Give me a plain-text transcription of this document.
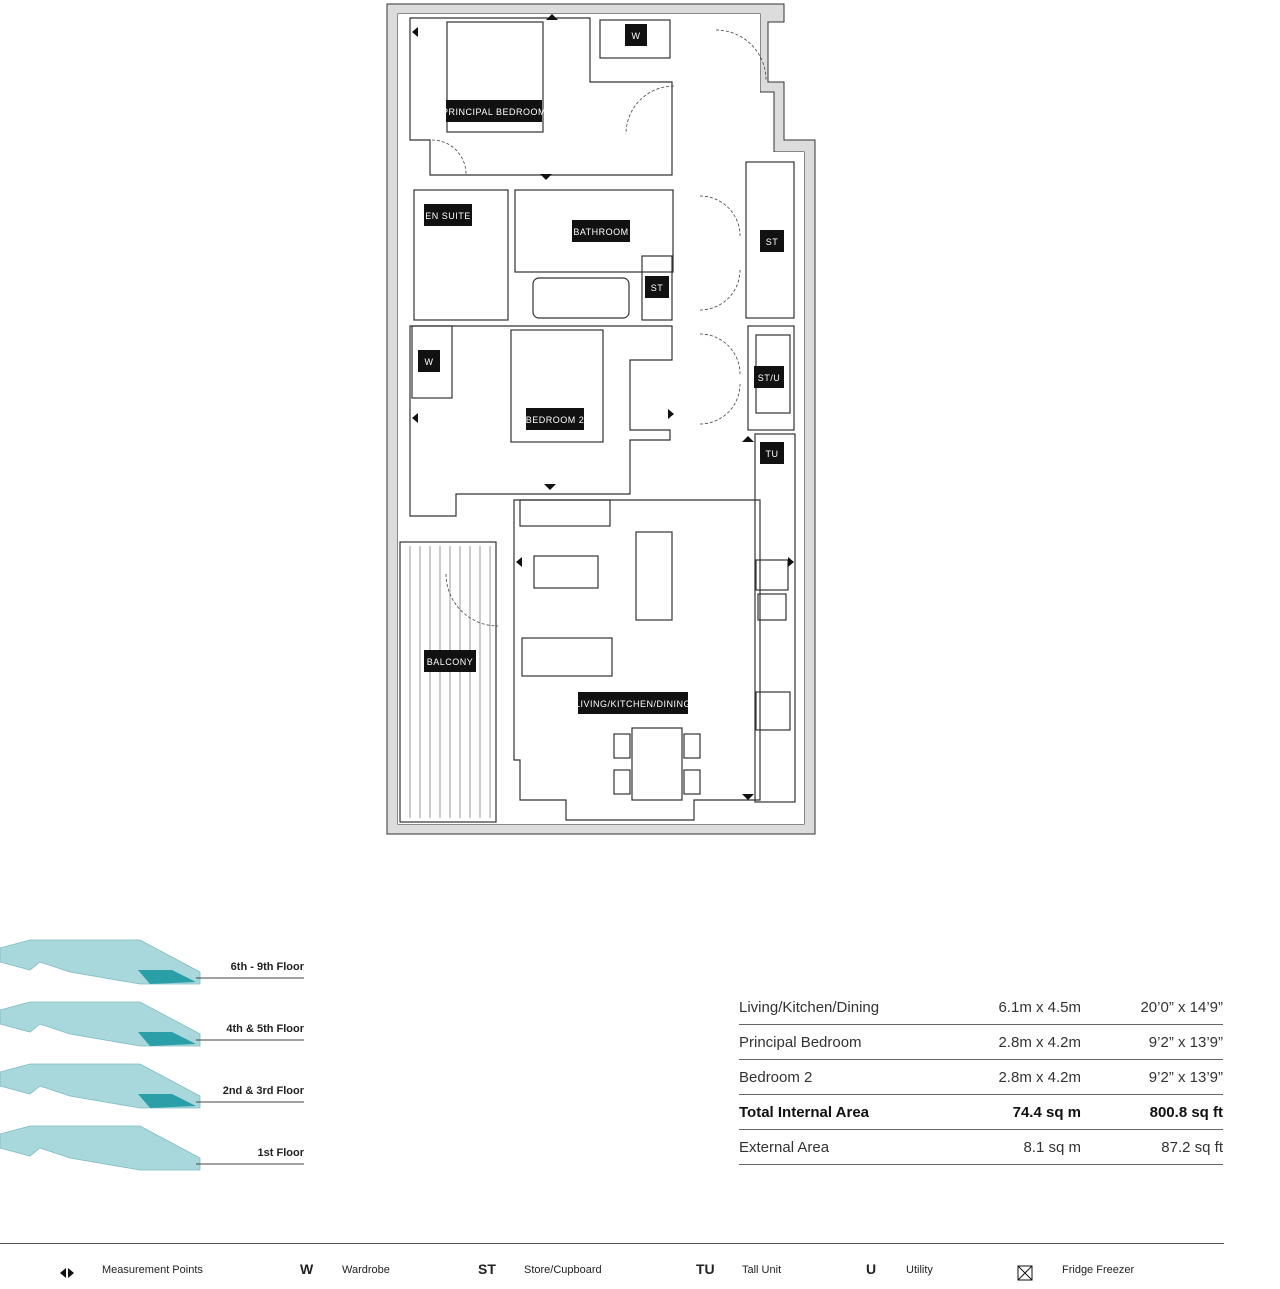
PRINCIPAL BEDROOM
EN SUITE
BATHROOM
BEDROOM 2
BALCONY
LIVING/KITCHEN/DINING
W
W
ST
ST
ST/U
TU
6th - 9th Floor
4th & 5th Floor
2nd & 3rd Floor
1st Floor
Living/Kitchen/Dining	6.1m x 4.5m	20’0” x 14’9”
Principal Bedroom	2.8m x 4.2m	9’2” x 13’9”
Bedroom 2	2.8m x 4.2m	9’2” x 13’9”
Total Internal Area	74.4 sq m	800.8 sq ft
External Area	8.1 sq m	87.2 sq ft
Measurement Points	W	Wardrobe	ST	Store/Cupboard	TU Tall Unit	U	Utility	Fridge Freezer
